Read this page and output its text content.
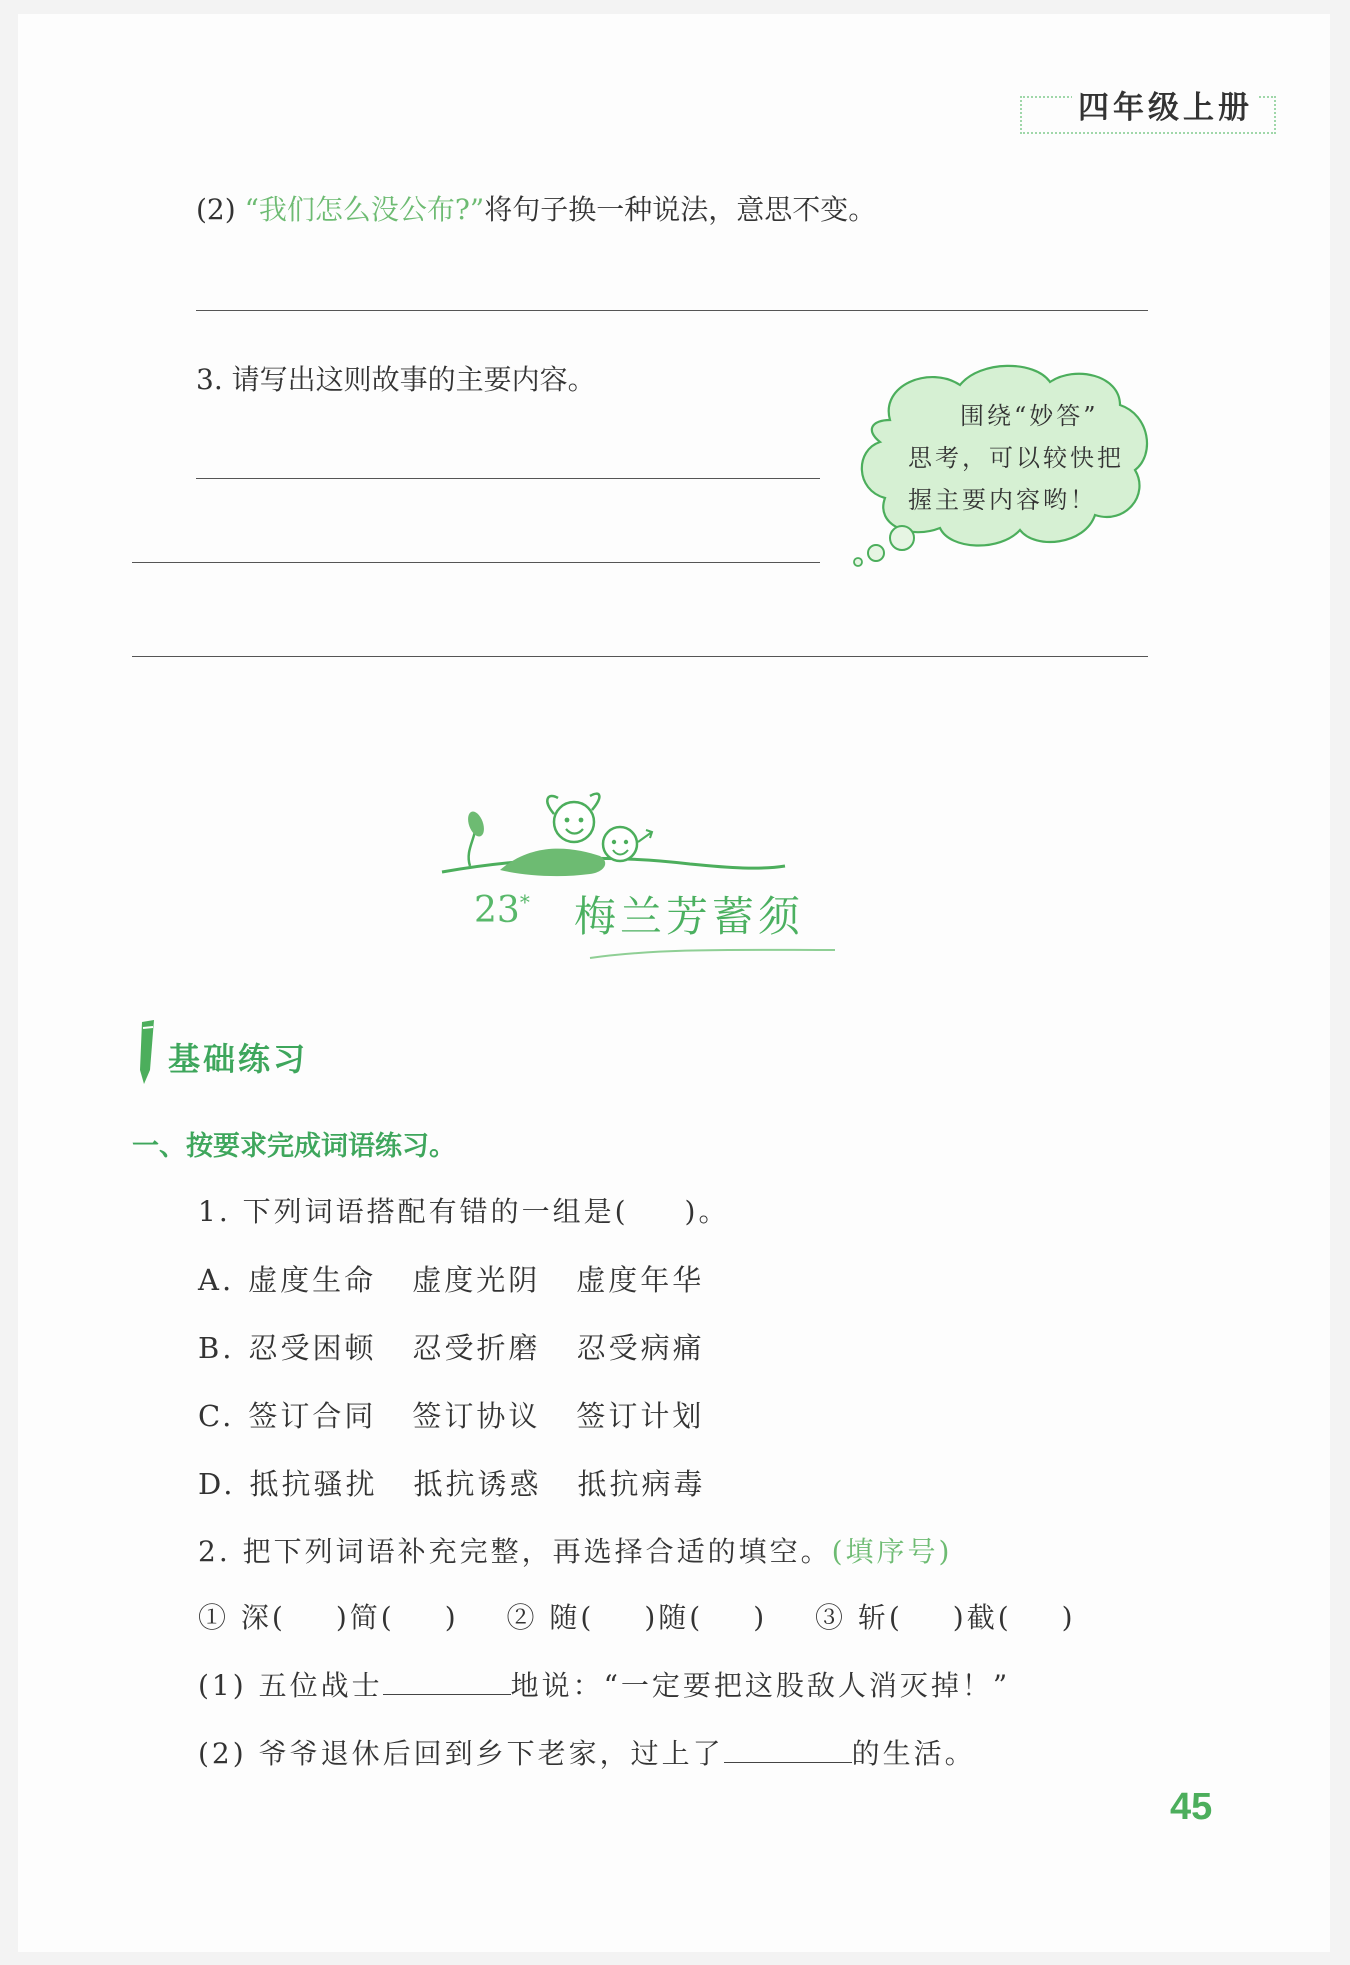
四年级上册
(2) “我们怎么没公布?”将句子换一种说法，意思不变。
3. 请写出这则故事的主要内容。
围绕“妙答”
思考，可以较快把
握主要内容哟！
23* 梅兰芳蓄须
基础练习
一、按要求完成词语练习。
1. 下列词语搭配有错的一组是( )。
A. 虚度生命 虚度光阴 虚度年华
B. 忍受困顿 忍受折磨 忍受病痛
C. 签订合同 签订协议 签订计划
D. 抵抗骚扰 抵抗诱惑 抵抗病毒
2. 把下列词语补充完整，再选择合适的填空。(填序号)
① 深( )简( ) ② 随( )随( ) ③ 斩( )截( )
(1) 五位战士	地说：“一定要把这股敌人消灭掉！”
(2) 爷爷退休后回到乡下老家，过上了	的生活。
45
